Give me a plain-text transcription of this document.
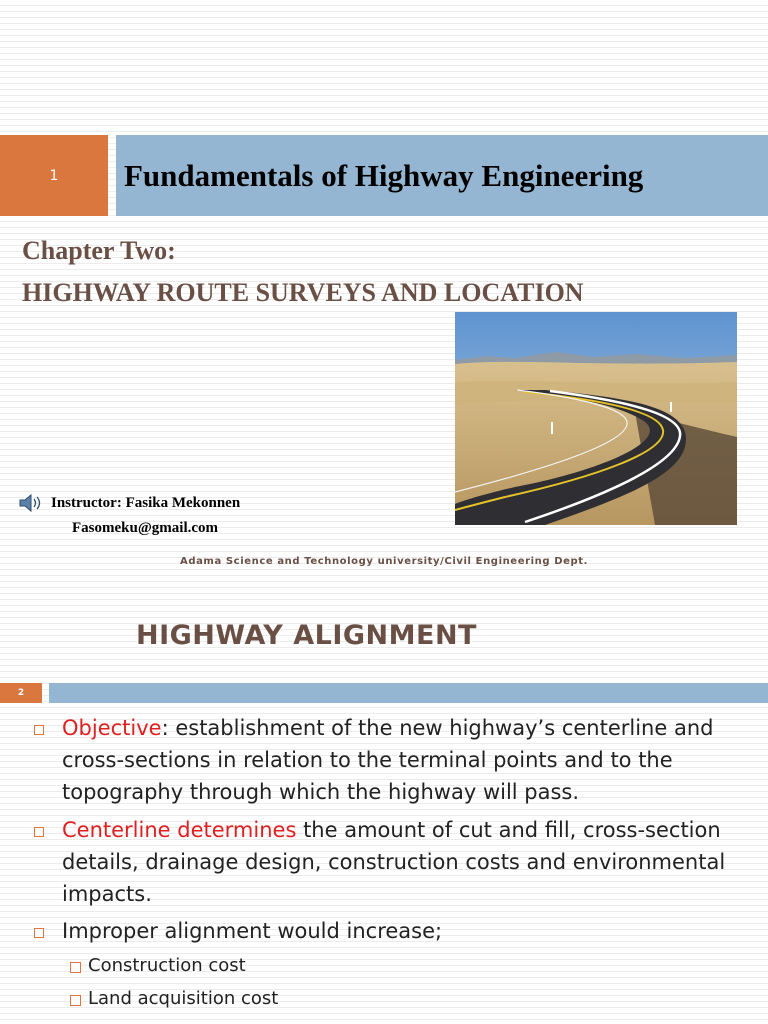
1 Fundamentals of Highway Engineering
Chapter Two:
HIGHWAY ROUTE SURVEYS AND LOCATION
Instructor: Fasika Mekonnen
Fasomeku@gmail.com
Adama Science and Technology university/Civil Engineering Dept.
HIGHWAY ALIGNMENT
2
Objective: establishment of the new highway’s centerline and cross-sections in relation to the terminal points and to the topography through which the highway will pass.
Centerline determines the amount of cut and fill, cross-section details, drainage design, construction costs and environmental impacts.
Improper alignment would increase;
Construction cost
Land acquisition cost
